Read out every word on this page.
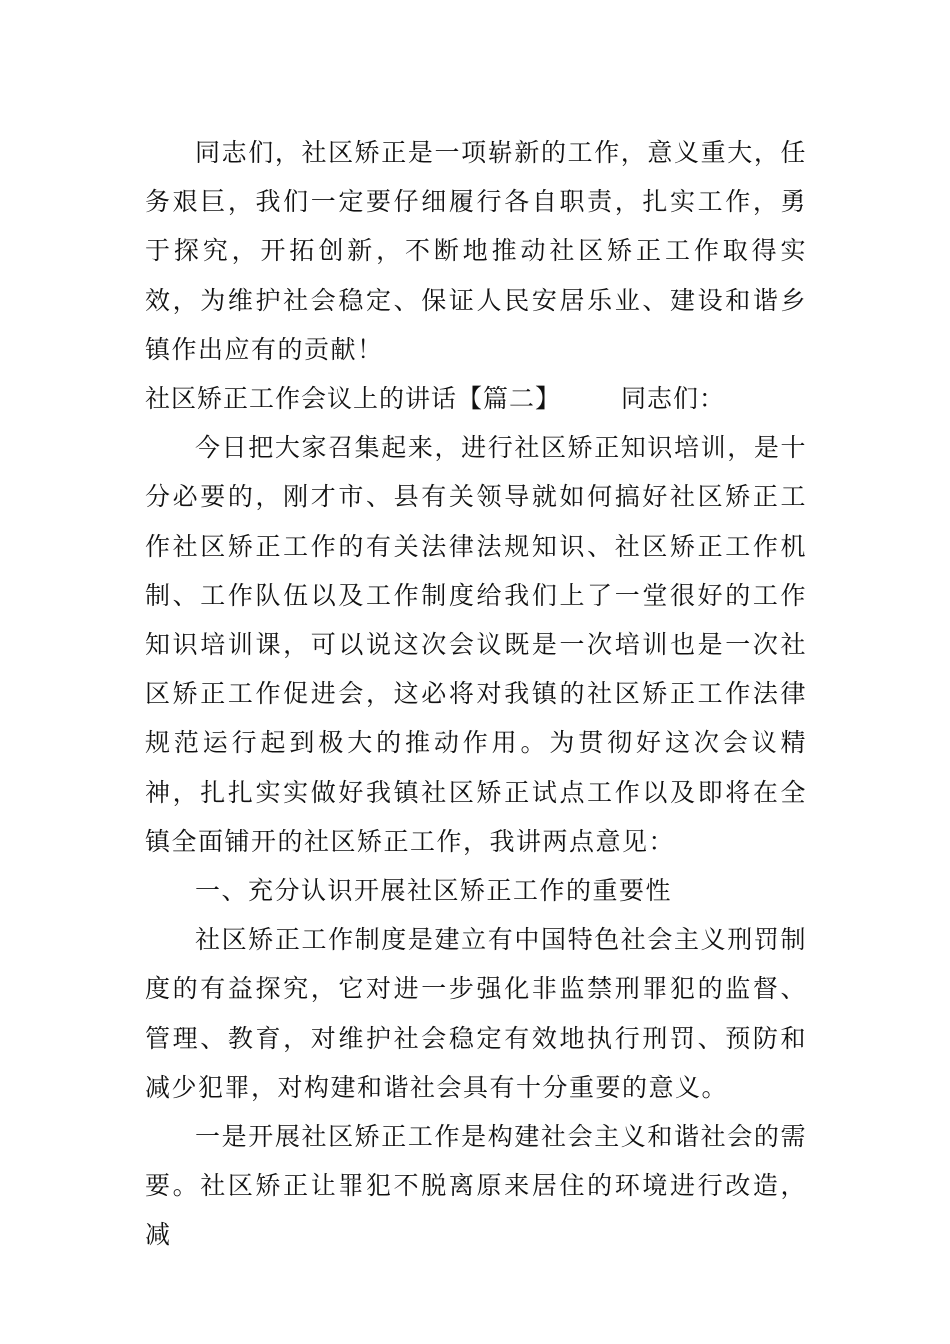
同志们，社区矫正是一项崭新的工作，意义重大，任务艰巨，我们一定要仔细履行各自职责，扎实工作，勇于探究，开拓创新，不断地推动社区矫正工作取得实效，为维护社会稳定、保证人民安居乐业、建设和谐乡镇作出应有的贡献！

社区矫正工作会议上的讲话【篇二】 同志们：

今日把大家召集起来，进行社区矫正知识培训，是十分必要的，刚才市、县有关领导就如何搞好社区矫正工作社区矫正工作的有关法律法规知识、社区矫正工作机制、工作队伍以及工作制度给我们上了一堂很好的工作知识培训课，可以说这次会议既是一次培训也是一次社区矫正工作促进会，这必将对我镇的社区矫正工作法律规范运行起到极大的推动作用。为贯彻好这次会议精神，扎扎实实做好我镇社区矫正试点工作以及即将在全镇全面铺开的社区矫正工作，我讲两点意见：

一、充分认识开展社区矫正工作的重要性

社区矫正工作制度是建立有中国特色社会主义刑罚制度的有益探究，它对进一步强化非监禁刑罪犯的监督、管理、教育，对维护社会稳定有效地执行刑罚、预防和减少犯罪，对构建和谐社会具有十分重要的意义。

一是开展社区矫正工作是构建社会主义和谐社会的需要。社区矫正让罪犯不脱离原来居住的环境进行改造，减
